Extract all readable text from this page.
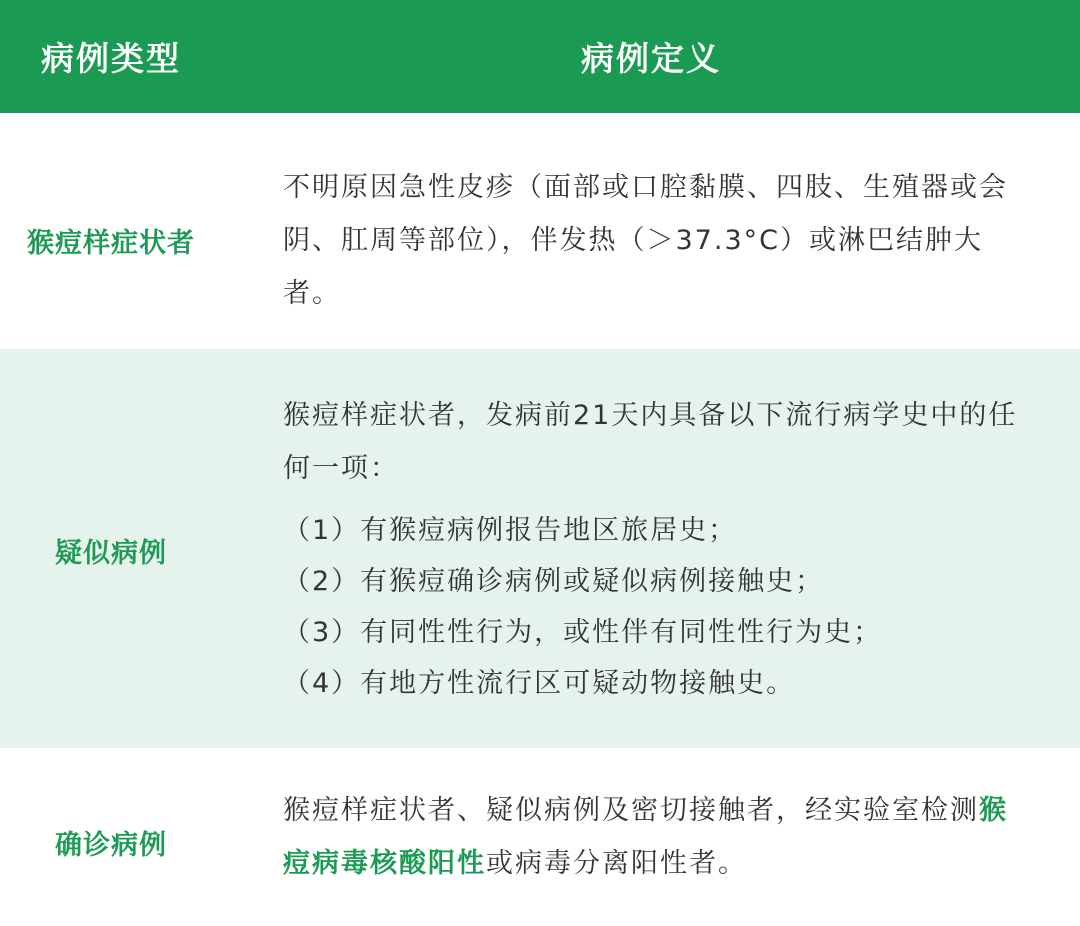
病例类型	病例定义
猴痘样症状者

不明原因急性皮疹（面部或口腔黏膜、四肢、生殖器或会阴、肛周等部位），伴发热（＞37.3°C）或淋巴结肿大者。

疑似病例

猴痘样症状者，发病前21天内具备以下流行病学史中的任何一项：

（1）有猴痘病例报告地区旅居史；

（2）有猴痘确诊病例或疑似病例接触史；

（3）有同性性行为，或性伴有同性性行为史；

（4）有地方性流行区可疑动物接触史。

确诊病例

猴痘样症状者、疑似病例及密切接触者，经实验室检测猴痘病毒核酸阳性或病毒分离阳性者。
